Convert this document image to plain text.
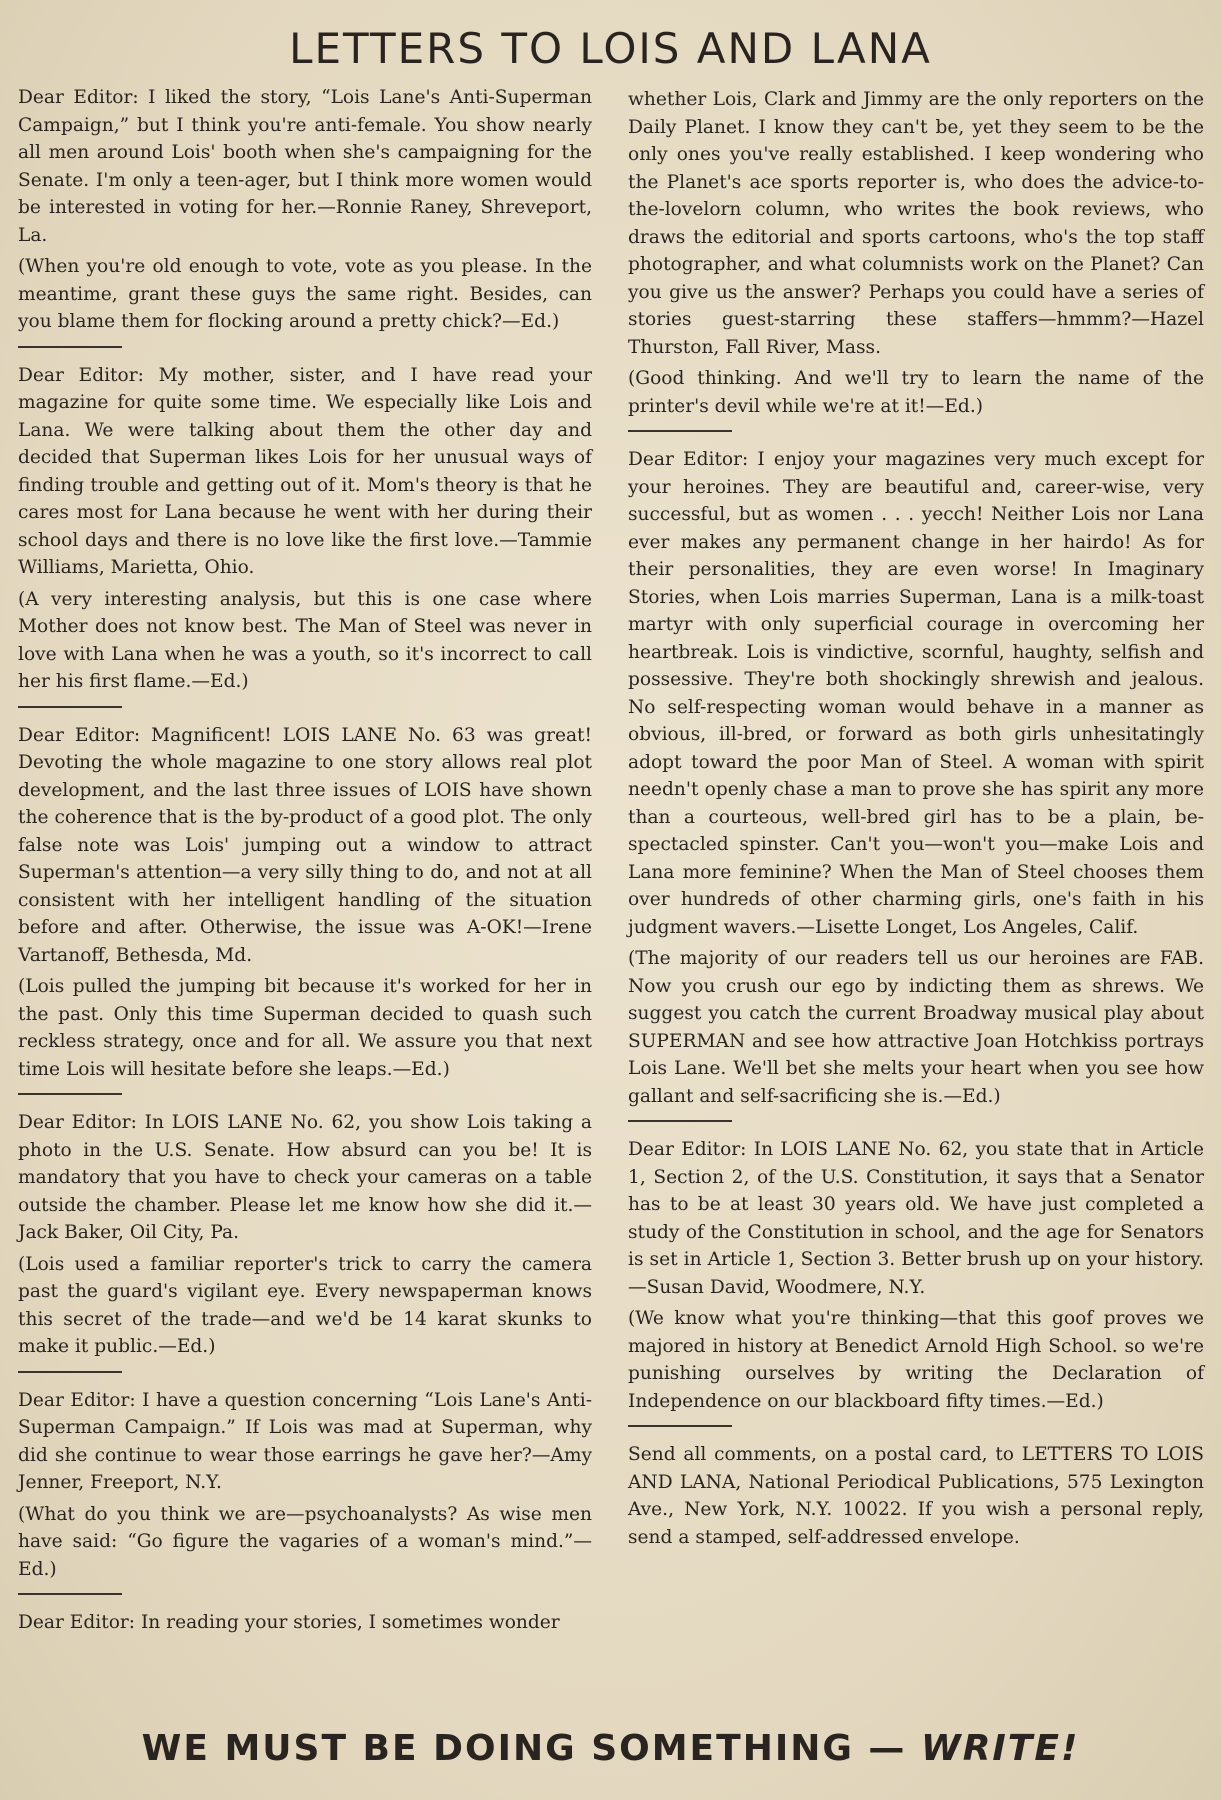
LETTERS TO LOIS AND LANA

Dear Editor: I liked the story, “Lois Lane's Anti-Superman Campaign,” but I think you're anti-female. You show nearly all men around Lois' booth when she's campaigning for the Senate. I'm only a teen-ager, but I think more women would be interested in voting for her.—Ronnie Raney, Shreveport, La.

(When you're old enough to vote, vote as you please. In the meantime, grant these guys the same right. Besides, can you blame them for flocking around a pretty chick?—Ed.)

Dear Editor: My mother, sister, and I have read your magazine for quite some time. We especially like Lois and Lana. We were talking about them the other day and decided that Superman likes Lois for her unusual ways of finding trouble and getting out of it. Mom's theory is that he cares most for Lana because he went with her during their school days and there is no love like the first love.—Tammie Williams, Marietta, Ohio.

(A very interesting analysis, but this is one case where Mother does not know best. The Man of Steel was never in love with Lana when he was a youth, so it's incorrect to call her his first flame.—Ed.)

Dear Editor: Magnificent! LOIS LANE No. 63 was great! Devoting the whole magazine to one story allows real plot development, and the last three issues of LOIS have shown the coherence that is the by-product of a good plot. The only false note was Lois' jumping out a window to attract Superman's attention—a very silly thing to do, and not at all consistent with her intelligent handling of the situation before and after. Otherwise, the issue was A-OK!—Irene Vartanoff, Bethesda, Md.

(Lois pulled the jumping bit because it's worked for her in the past. Only this time Superman decided to quash such reckless strategy, once and for all. We assure you that next time Lois will hesitate before she leaps.—Ed.)

Dear Editor: In LOIS LANE No. 62, you show Lois taking a photo in the U.S. Senate. How absurd can you be! It is mandatory that you have to check your cameras on a table outside the chamber. Please let me know how she did it.—Jack Baker, Oil City, Pa.

(Lois used a familiar reporter's trick to carry the camera past the guard's vigilant eye. Every newspaperman knows this secret of the trade—and we'd be 14 karat skunks to make it public.—Ed.)

Dear Editor: I have a question concerning “Lois Lane's Anti-Superman Campaign.” If Lois was mad at Superman, why did she continue to wear those earrings he gave her?—Amy Jenner, Freeport, N.Y.

(What do you think we are—psychoanalysts? As wise men have said: “Go figure the vagaries of a woman's mind.”—Ed.)

Dear Editor: In reading your stories, I sometimes wonder

whether Lois, Clark and Jimmy are the only reporters on the Daily Planet. I know they can't be, yet they seem to be the only ones you've really established. I keep wondering who the Planet's ace sports reporter is, who does the advice-to-the-lovelorn column, who writes the book reviews, who draws the editorial and sports cartoons, who's the top staff photographer, and what columnists work on the Planet? Can you give us the answer? Perhaps you could have a series of stories guest-starring these staffers—hmmm?—Hazel Thurston, Fall River, Mass.

(Good thinking. And we'll try to learn the name of the printer's devil while we're at it!—Ed.)

Dear Editor: I enjoy your magazines very much except for your heroines. They are beautiful and, career-wise, very successful, but as women . . . yecch! Neither Lois nor Lana ever makes any permanent change in her hairdo! As for their personalities, they are even worse! In Imaginary Stories, when Lois marries Superman, Lana is a milk-toast martyr with only superficial courage in overcoming her heartbreak. Lois is vindictive, scornful, haughty, selfish and possessive. They're both shockingly shrewish and jealous. No self-respecting woman would behave in a manner as obvious, ill-bred, or forward as both girls unhesitatingly adopt toward the poor Man of Steel. A woman with spirit needn't openly chase a man to prove she has spirit any more than a courteous, well-bred girl has to be a plain, be-spectacled spinster. Can't you—won't you—make Lois and Lana more feminine? When the Man of Steel chooses them over hundreds of other charming girls, one's faith in his judgment wavers.—Lisette Longet, Los Angeles, Calif.

(The majority of our readers tell us our heroines are FAB. Now you crush our ego by indicting them as shrews. We suggest you catch the current Broadway musical play about SUPERMAN and see how attractive Joan Hotchkiss portrays Lois Lane. We'll bet she melts your heart when you see how gallant and self-sacrificing she is.—Ed.)

Dear Editor: In LOIS LANE No. 62, you state that in Article 1, Section 2, of the U.S. Constitution, it says that a Senator has to be at least 30 years old. We have just completed a study of the Constitution in school, and the age for Senators is set in Article 1, Section 3. Better brush up on your history.—Susan David, Woodmere, N.Y.

(We know what you're thinking—that this goof proves we majored in history at Benedict Arnold High School. so we're punishing ourselves by writing the Declaration of Independence on our blackboard fifty times.—Ed.)

Send all comments, on a postal card, to LETTERS TO LOIS AND LANA, National Periodical Publications, 575 Lexington Ave., New York, N.Y. 10022. If you wish a personal reply, send a stamped, self-addressed envelope.

WE MUST BE DOING SOMETHING — WRITE!
